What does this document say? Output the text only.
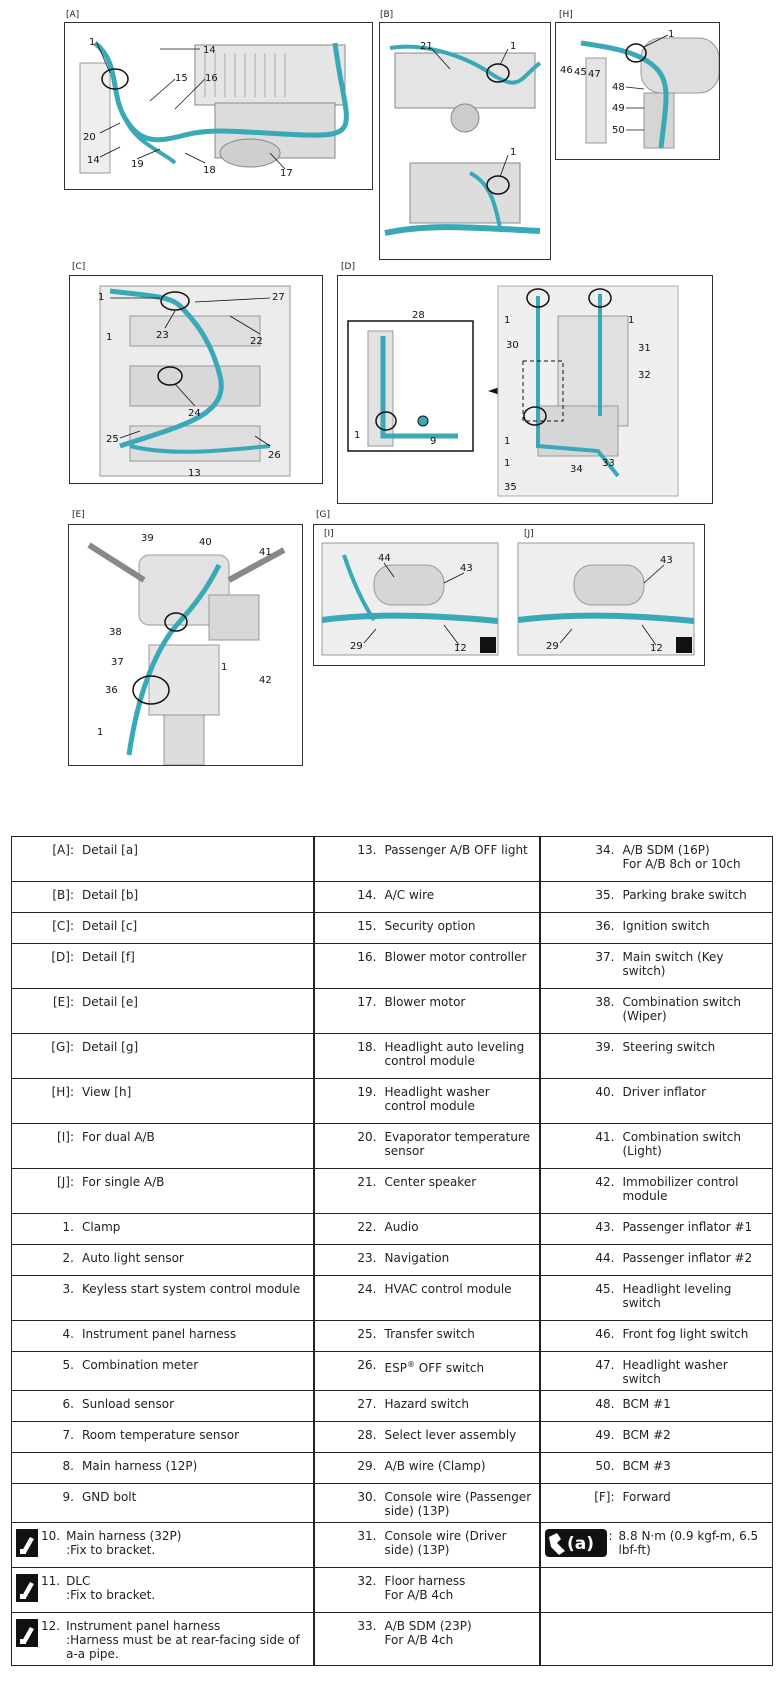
[A]
1
14
15 16
20
14	19
18	17
[B]
21	1
1
[H]
1
46 45 47
48
49
50
[C]
1	27
23
22
1
24
25
13
26
[D]
28
1
1
30
1
31
32
1
9
1
34
33
35
[E]
39	40
41
38
37	1
42
36
1
[G]
[I]	[J]
44
43
29	12
43
29	12
[A]: Detail [a]	13. Passenger A/B OFF light	34. A/B SDM (16P)
For A/B 8ch or 10ch

[B]: Detail [b]	14. A/C wire	35. Parking brake switch

[C]: Detail [c]	15. Security option	36. Ignition switch

[D]: Detail [f]	16. Blower motor controller	37. Main switch (Key switch)

[E]: Detail [e]	17. Blower motor	38. Combination switch (Wiper)

[G]: Detail [g]	18. Headlight auto leveling control module	39. Steering switch

[H]: View [h]	19. Headlight washer control module	40. Driver inflator

[I]: For dual A/B	20. Evaporator temperature sensor	41. Combination switch (Light)

[J]: For single A/B	21. Center speaker	42. Immobilizer control module

1. Clamp	22. Audio	43. Passenger inflator #1

2. Auto light sensor	23. Navigation	44. Passenger inflator #2

3. Keyless start system control module	24. HVAC control module	45. Headlight leveling switch

4. Instrument panel harness	25. Transfer switch	46. Front fog light switch

5. Combination meter	26. ESP® OFF switch	47. Headlight washer switch

6. Sunload sensor	27. Hazard switch	48. BCM #1

7. Room temperature sensor	28. Select lever assembly	49. BCM #2

8. Main harness (12P)	29. A/B wire (Clamp)	50. BCM #3

9. GND bolt	30. Console wire (Passenger side) (13P)	[F]: Forward

10. Main harness (32P)
:Fix to bracket.	31. Console wire (Driver side) (13P)	(a) : 8.8 N·m (0.9 kgf-m, 6.5 lbf-ft)

11. DLC
:Fix to bracket.	32. Floor harness
For A/B 4ch	

12. Instrument panel harness
:Harness must be at rear-facing side of a-a pipe.	33. A/B SDM (23P)
For A/B 4ch	
